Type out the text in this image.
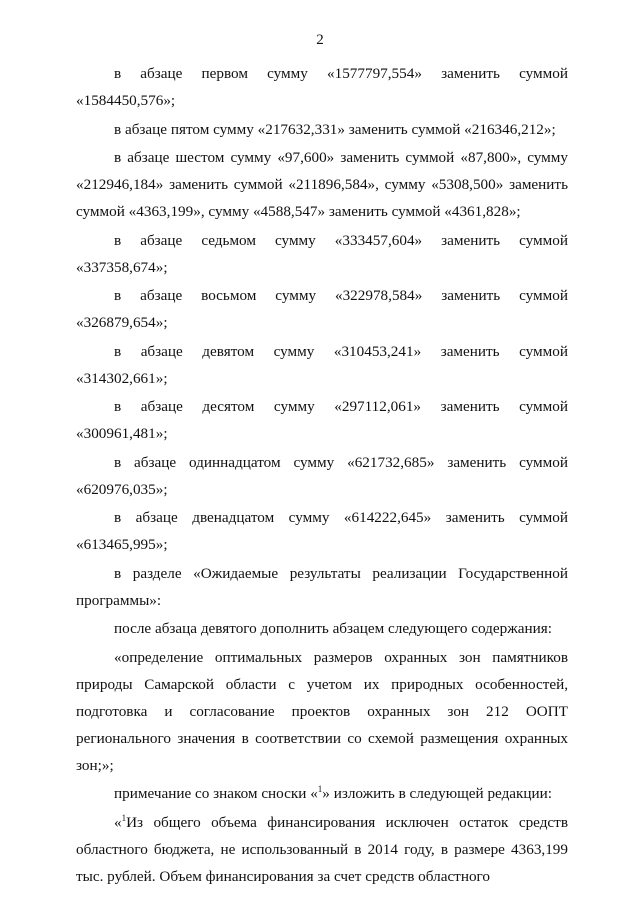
2

в абзаце первом сумму «1577797,554» заменить суммой «1584450,576»;

в абзаце пятом сумму «217632,331» заменить суммой «216346,212»;

в абзаце шестом сумму «97,600» заменить суммой «87,800», сумму «212946,184» заменить суммой «211896,584», сумму «5308,500» заменить суммой «4363,199», сумму «4588,547» заменить суммой «4361,828»;

в абзаце седьмом сумму «333457,604» заменить суммой «337358,674»;

в абзаце восьмом сумму «322978,584» заменить суммой «326879,654»;

в абзаце девятом сумму «310453,241» заменить суммой «314302,661»;

в абзаце десятом сумму «297112,061» заменить суммой «300961,481»;

в абзаце одиннадцатом сумму «621732,685» заменить суммой «620976,035»;

в абзаце двенадцатом сумму «614222,645» заменить суммой «613465,995»;

в разделе «Ожидаемые результаты реализации Государственной программы»:

после абзаца девятого дополнить абзацем следующего содержания:

«определение оптимальных размеров охранных зон памятников природы Самарской области с учетом их природных особенностей, подготовка и согласование проектов охранных зон 212 ООПТ регионального значения в соответствии со схемой размещения охранных зон;»;

примечание со знаком сноски «$^1$» изложить в следующей редакции:

«$^1$Из общего объема финансирования исключен остаток средств областного бюджета, не использованный в 2014 году, в размере 4363,199 тыс. рублей. Объем финансирования за счет средств областного
